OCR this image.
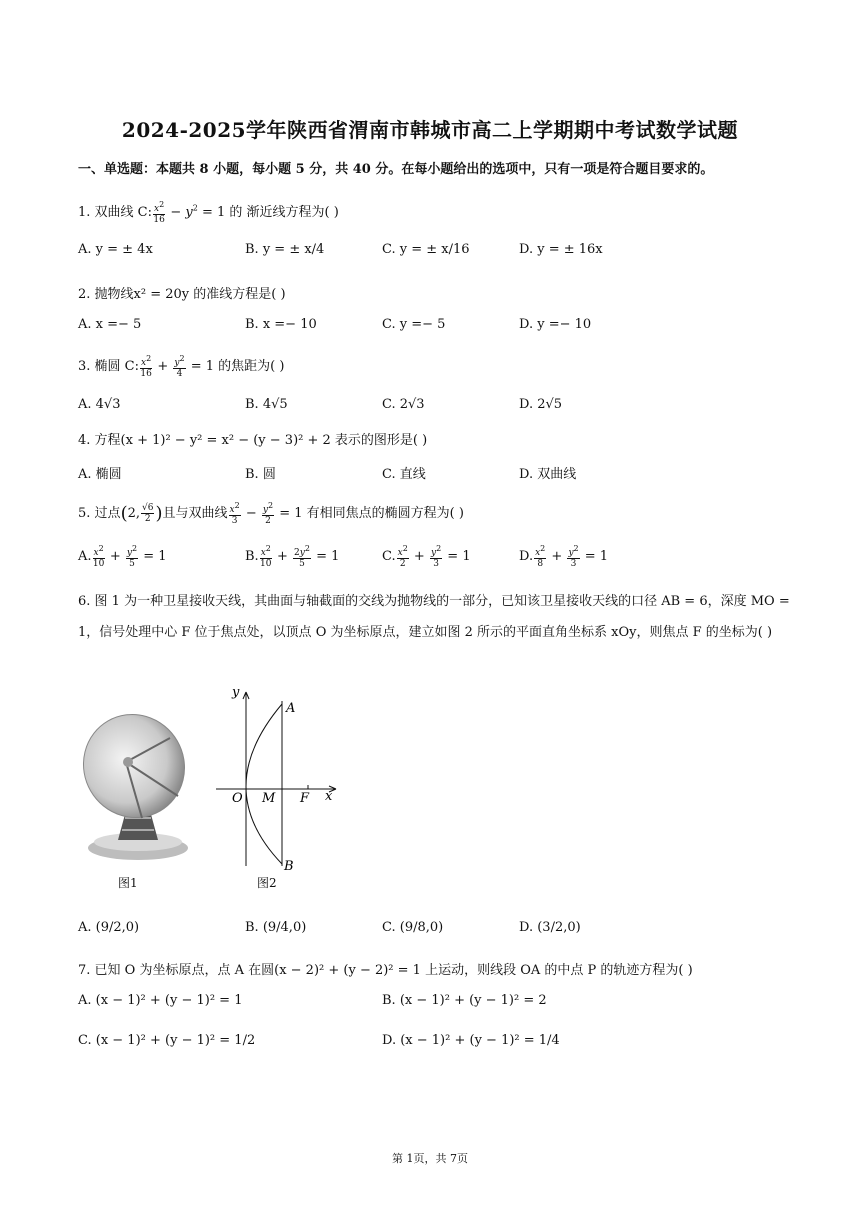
2024-2025学年陕西省渭南市韩城市高二上学期期中考试数学试题
一、单选题：本题共 8 小题，每小题 5 分，共 40 分。在每小题给出的选项中，只有一项是符合题目要求的。
1. 双曲线 C: $\frac{x^2}{16} - y^2 = 1$ 的 渐近线方程为( )
A. y = ± 4x	B. y = ± x/4	C. y = ± x/16	D. y = ± 16x
2. 抛物线x² = 20y 的准线方程是( )
A. x =− 5	B. x =− 10	C. y =− 5	D. y =− 10
3. 椭圆 C: $\frac{x^2}{16} + \frac{y^2}{4} = 1$ 的焦距为( )
A. 4√3	B. 4√5	C. 2√3	D. 2√5
4. 方程(x + 1)² − y² = x² − (y − 3)² + 2 表示的图形是( )
A. 椭圆	B. 圆	C. 直线	D. 双曲线
5. 过点(2, $\frac{√6}{2}$ )且与双曲线 $\frac{x^2}{3} - \frac{y^2}{2} = 1$ 有相同焦点的椭圆方程为( )
A. $\frac{x^2}{10} + \frac{y^2}{5} = 1$	B. $\frac{x^2}{10} + \frac{2y^2}{5} = 1$	C. $\frac{x^2}{2} + \frac{y^2}{3} = 1$	D. $\frac{x^2}{8} + \frac{y^2}{3} = 1$
6. 图 1 为一种卫星接收天线，其曲面与轴截面的交线为抛物线的一部分，已知该卫星接收天线的口径 AB = 6，深度 MO = 1，信号处理中心 F 位于焦点处，以顶点 O 为坐标原点，建立如图 2 所示的平面直角坐标系 xOy，则焦点 F 的坐标为( )
图1
y
x
O M F
A
B
图2
A. (9/2,0)	B. (9/4,0)	C. (9/8,0)	D. (3/2,0)
7. 已知 O 为坐标原点，点 A 在圆(x − 2)² + (y − 2)² = 1 上运动，则线段 OA 的中点 P 的轨迹方程为( )
A. (x − 1)² + (y − 1)² = 1	B. (x − 1)² + (y − 1)² = 2
C. (x − 1)² + (y − 1)² = 1/2	D. (x − 1)² + (y − 1)² = 1/4
第 1页，共 7页
